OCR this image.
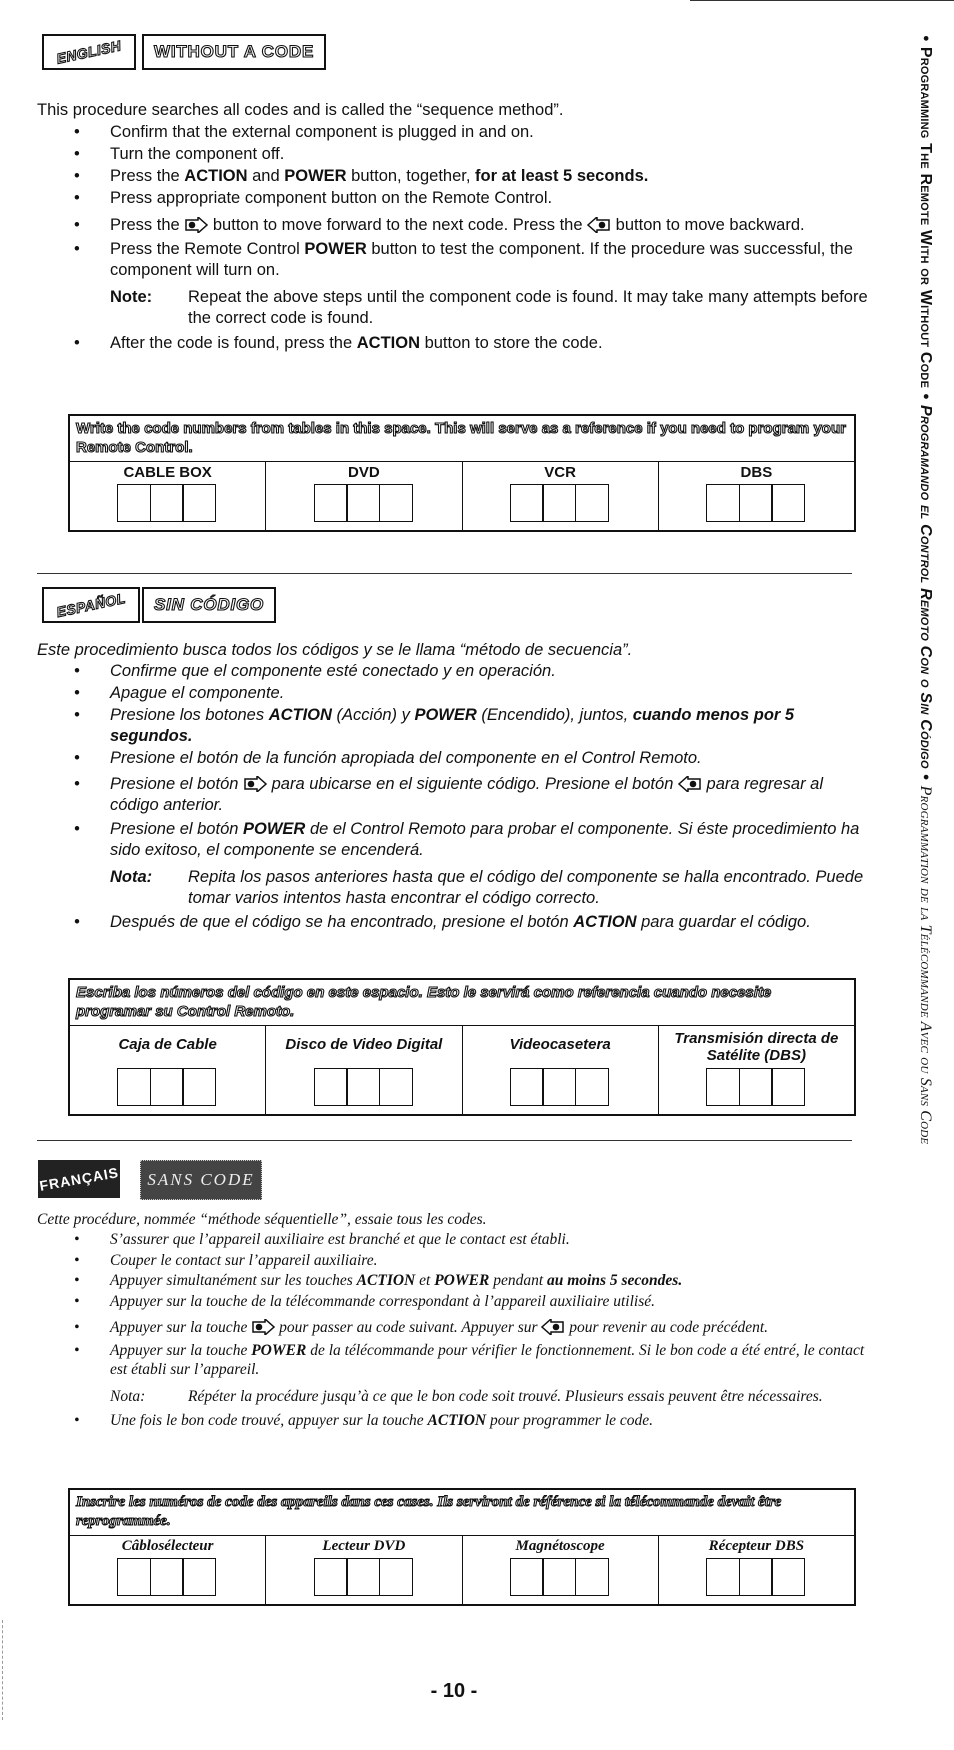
●Programming The Remote With or Without Code●Programando el Control Remoto Con o Sin Código●Programmation de la Télécommande Avec ou Sans Code
ENGLISH WITHOUT A CODE
This procedure searches all codes and is called the “sequence method”.
• Confirm that the external component is plugged in and on.
• Turn the component off.
• Press the ACTION and POWER button, together, for at least 5 seconds.
• Press appropriate component button on the Remote Control.
• Press the  button to move forward to the next code. Press the  button to move backward.
• Press the Remote Control POWER button to test the component. If the procedure was successful, the component will turn on.
Note:	Repeat the above steps until the component code is found. It may take many attempts before the correct code is found.
• After the code is found, press the ACTION button to store the code.
Write the code numbers from tables in this space. This will serve as a reference if you need to program your Remote Control.
CABLE BOX	DVD	VCR	DBS
ESPAÑOL SIN CÓDIGO
Este procedimiento busca todos los códigos y se le llama “método de secuencia”.
• Confirme que el componente esté conectado y en operación.
• Apague el componente.
• Presione los botones ACTION (Acción) y POWER (Encendido), juntos, cuando menos por 5 segundos.
• Presione el botón de la función apropiada del componente en el Control Remoto.
• Presione el botón  para ubicarse en el siguiente código. Presione el botón  para regresar al código anterior.
• Presione el botón POWER de el Control Remoto para probar el componente. Si éste procedimiento ha sido exitoso, el componente se encenderá.
Nota:	Repita los pasos anteriores hasta que el código del componente se halla encontrado. Puede tomar varios intentos hasta encontrar el código correcto.
• Después de que el código se ha encontrado, presione el botón ACTION para guardar el código.
Escriba los números del código en este espacio. Esto le servirá como referencia cuando necesite programar su Control Remoto.
Caja de Cable	Disco de Video Digital	Videocasetera	Transmisión directa de Satélite (DBS)
FRANÇAIS	SANS CODE
Cette procédure, nommée “méthode séquentielle”, essaie tous les codes.
• S’assurer que l’appareil auxiliaire est branché et que le contact est établi.
• Couper le contact sur l’appareil auxiliaire.
• Appuyer simultanément sur les touches ACTION et POWER pendant au moins 5 secondes.
• Appuyer sur la touche de la télécommande correspondant à l’appareil auxiliaire utilisé.
• Appuyer sur la touche  pour passer au code suivant. Appuyer sur  pour revenir au code précédent.
• Appuyer sur la touche POWER de la télécommande pour vérifier le fonctionnement. Si le bon code a été entré, le contact est établi sur l’appareil.
Nota:	Répéter la procédure jusqu’à ce que le bon code soit trouvé. Plusieurs essais peuvent être nécessaires.
• Une fois le bon code trouvé, appuyer sur la touche ACTION pour programmer le code.
Inscrire les numéros de code des appareils dans ces cases. Ils serviront de référence si la télécommande devait être reprogrammée.
Câblosélecteur	Lecteur DVD	Magnétoscope	Récepteur DBS
- 10 -
